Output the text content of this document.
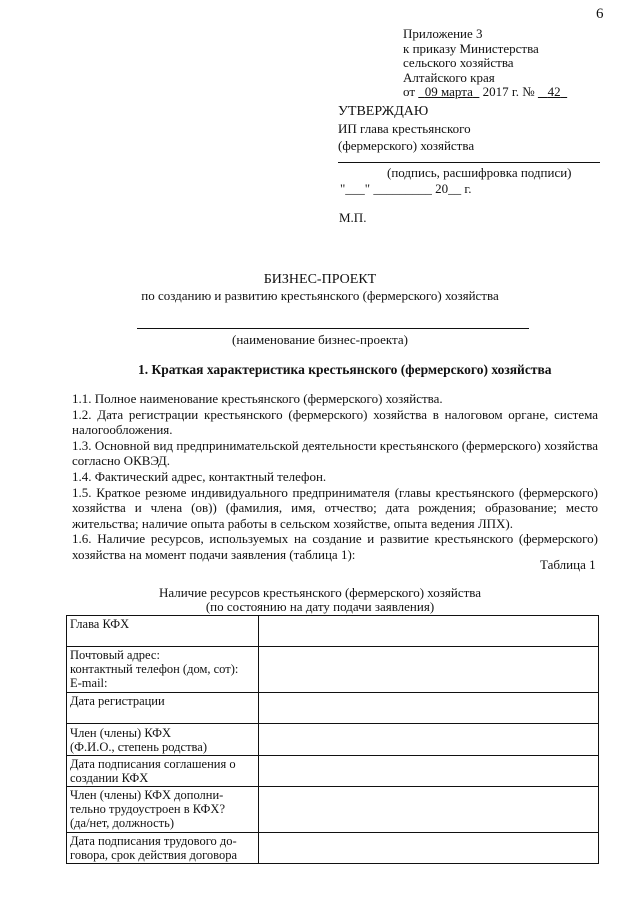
6
Приложение 3
к приказу Министерства
сельского хозяйства
Алтайского края
от 09 марта 2017 г. № 42
УТВЕРЖДАЮ
ИП глава крестьянского
(фермерского) хозяйства
(подпись, расшифровка подписи)
"___" _________ 20__ г.
М.П.
БИЗНЕС-ПРОЕКТ
по созданию и развитию крестьянского (фермерского) хозяйства
(наименование бизнес-проекта)
1. Краткая характеристика крестьянского (фермерского) хозяйства

1.1. Полное наименование крестьянского (фермерского) хозяйства.

1.2. Дата регистрации крестьянского (фермерского) хозяйства в налоговом органе, система налогообложения.

1.3. Основной вид предпринимательской деятельности крестьянского (фермерского) хозяйства согласно ОКВЭД.

1.4. Фактический адрес, контактный телефон.

1.5. Краткое резюме индивидуального предпринимателя (главы крестьянского (фермерского) хозяйства и члена (ов)) (фамилия, имя, отчество; дата рождения; образование; место жительства; наличие опыта работы в сельском хозяйстве, опыта ведения ЛПХ).

1.6. Наличие ресурсов, используемых на создание и развитие крестьянского (фермерского) хозяйства на момент подачи заявления (таблица 1):

Таблица 1
Наличие ресурсов крестьянского (фермерского) хозяйства
(по состоянию на дату подачи заявления)
Глава КФХ	

Почтовый адрес:
контактный телефон (дом, сот):
E-mail:	

Дата регистрации	

Член (члены) КФХ
(Ф.И.О., степень родства)	

Дата подписания соглашения о
создании КФХ	

Член (члены) КФХ дополни-
тельно трудоустроен в КФХ?
(да/нет, должность)	

Дата подписания трудового до-
говора, срок действия договора	
